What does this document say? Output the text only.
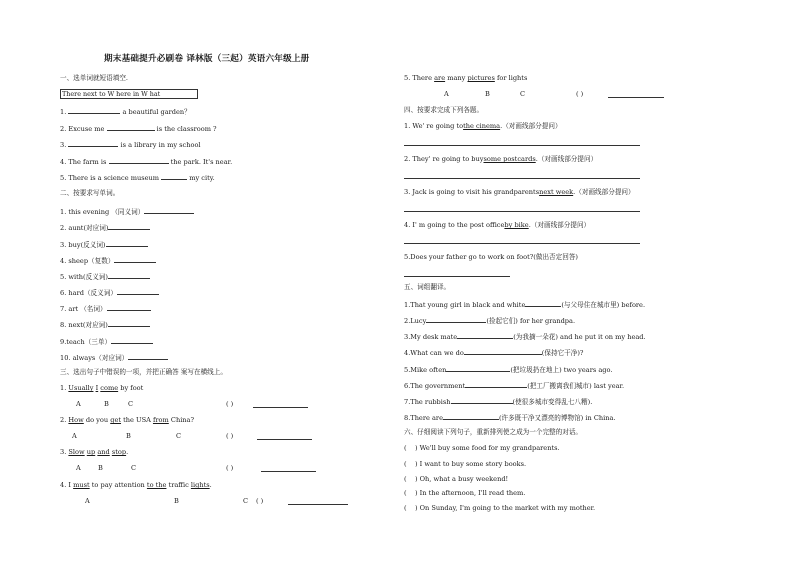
期末基础提升必刷卷 译林版（三起）英语六年级上册
一、选单词就短语填空.
There next to W here in W hat
1.	a beautiful garden？
2. Excuse me	is the classroom ?
3.	is a library in my school
4. The farm is	the park. It's near.
5. There is a science museum	my city.
二、按要求写单词。
1. this evening （同义词）
2. aunt(对应词)
3. buy(反义词)
4. sheep（复数）
5. with(反义词)
6. hard（反义词）
7. art （名词）
8. next(对应词)
9.teach（三单）
10. always（对应词）
三、选出句子中错误的一项，并把正确答 案写在横线上。
1. Usually I come by foot
A	B	C	( )
2. How do you get the USA from China?
A	B	C	( )
3. Slow up and stop.
A	B	C	( )
4. I must to pay attention to the traffic lights.
A	B	C ( )
5. There are many pictures for lights
A	B	C	( )
四、按要求完成下列各题。
1. We' re going tothe cinema.（对画线部分提问）
2. They' re going to buysome postcards.（对画线部分提问）
3. Jack is going to visit his grandparentsnext week.（对画线部分提问）
4. I' m going to the post officeby bike.（对画线部分提问）
5.Does your father go to work on foot?(做出否定回答)
五、词组翻译。
1.That young girl in black and white	(与父母住在城市里) before.
2.Lucy	(捡起它们) for her grandpa.
3.My desk mate	(为我摘一朵花) and he put it on my head.
4.What can we do	(保持它干净)?
5.Mike often	(把垃圾扔在地上) two years ago.
6.The government	(把工厂搬离我们城市) last year.
7.The rubbish	(使很多城市变得乱七八糟).
8.There are	(许多既干净又漂亮的博物馆) in China.
六、仔细阅读下列句子，重新排列使之成为一个完整的对话。
(    ) We'll buy some food for my grandparents.
(    ) I want to buy some story books.
(    ) Oh, what a busy weekend!
(    ) In the afternoon, I'll read them.
(    ) On Sunday, I'm going to the market with my mother.
